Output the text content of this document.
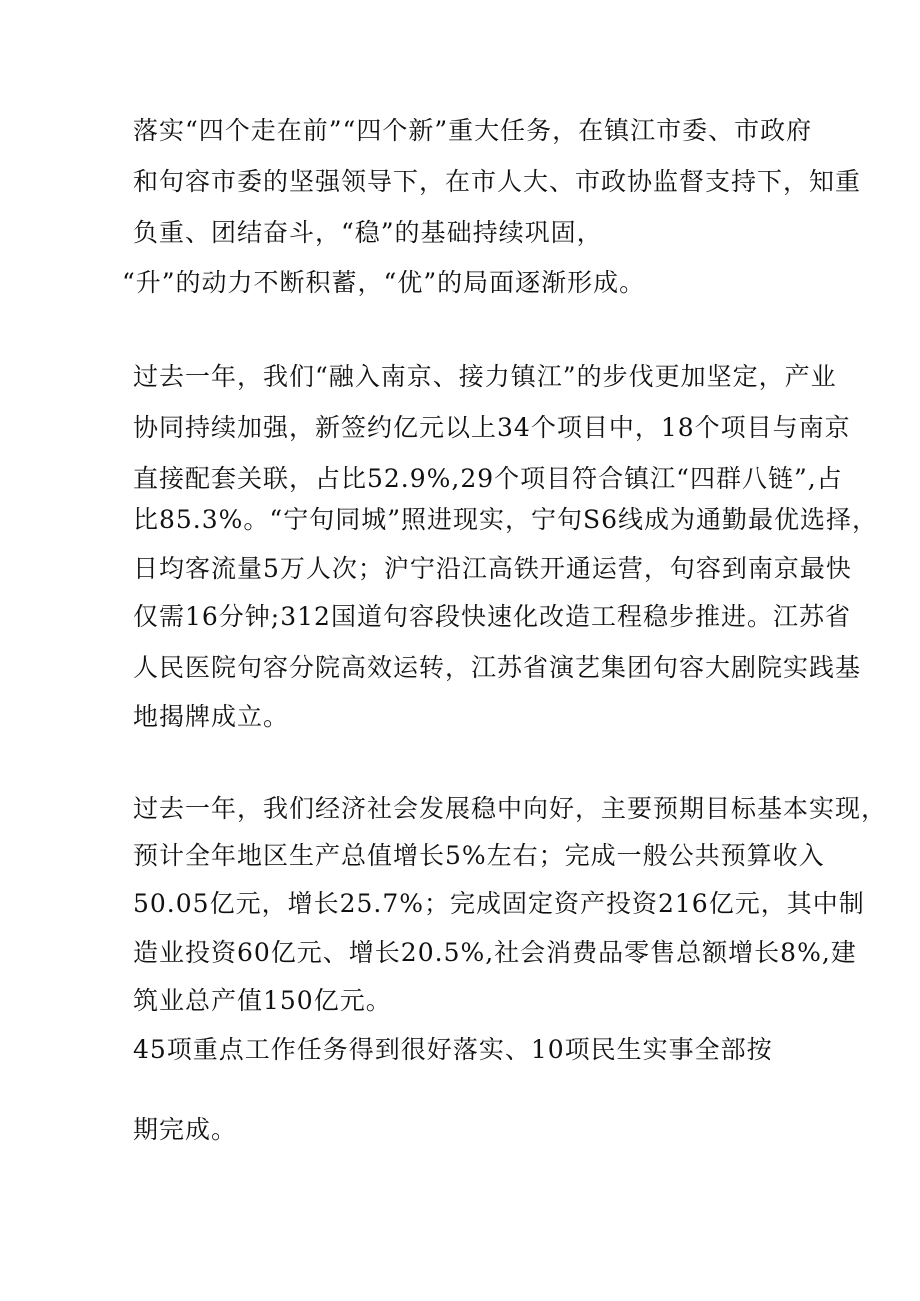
落实“四个走在前”“四个新”重大任务，在镇江市委、市政府
和句容市委的坚强领导下，在市人大、市政协监督支持下，知重
负重、团结奋斗，“稳”的基础持续巩固，
“升”的动力不断积蓄，“优”的局面逐渐形成。
过去一年，我们“融入南京、接力镇江”的步伐更加坚定，产业
协同持续加强，新签约亿元以上34个项目中，18个项目与南京
直接配套关联，占比52.9%,29个项目符合镇江“四群八链”,占
比85.3%。“宁句同城”照进现实，宁句S6线成为通勤最优选择，
日均客流量5万人次；沪宁沿江高铁开通运营，句容到南京最快
仅需16分钟;312国道句容段快速化改造工程稳步推进。江苏省
人民医院句容分院高效运转，江苏省演艺集团句容大剧院实践基
地揭牌成立。
过去一年，我们经济社会发展稳中向好，主要预期目标基本实现，
预计全年地区生产总值增长5%左右；完成一般公共预算收入
50.05亿元，增长25.7%；完成固定资产投资216亿元，其中制
造业投资60亿元、增长20.5%,社会消费品零售总额增长8%,建
筑业总产值150亿元。
45项重点工作任务得到很好落实、10项民生实事全部按
期完成。
